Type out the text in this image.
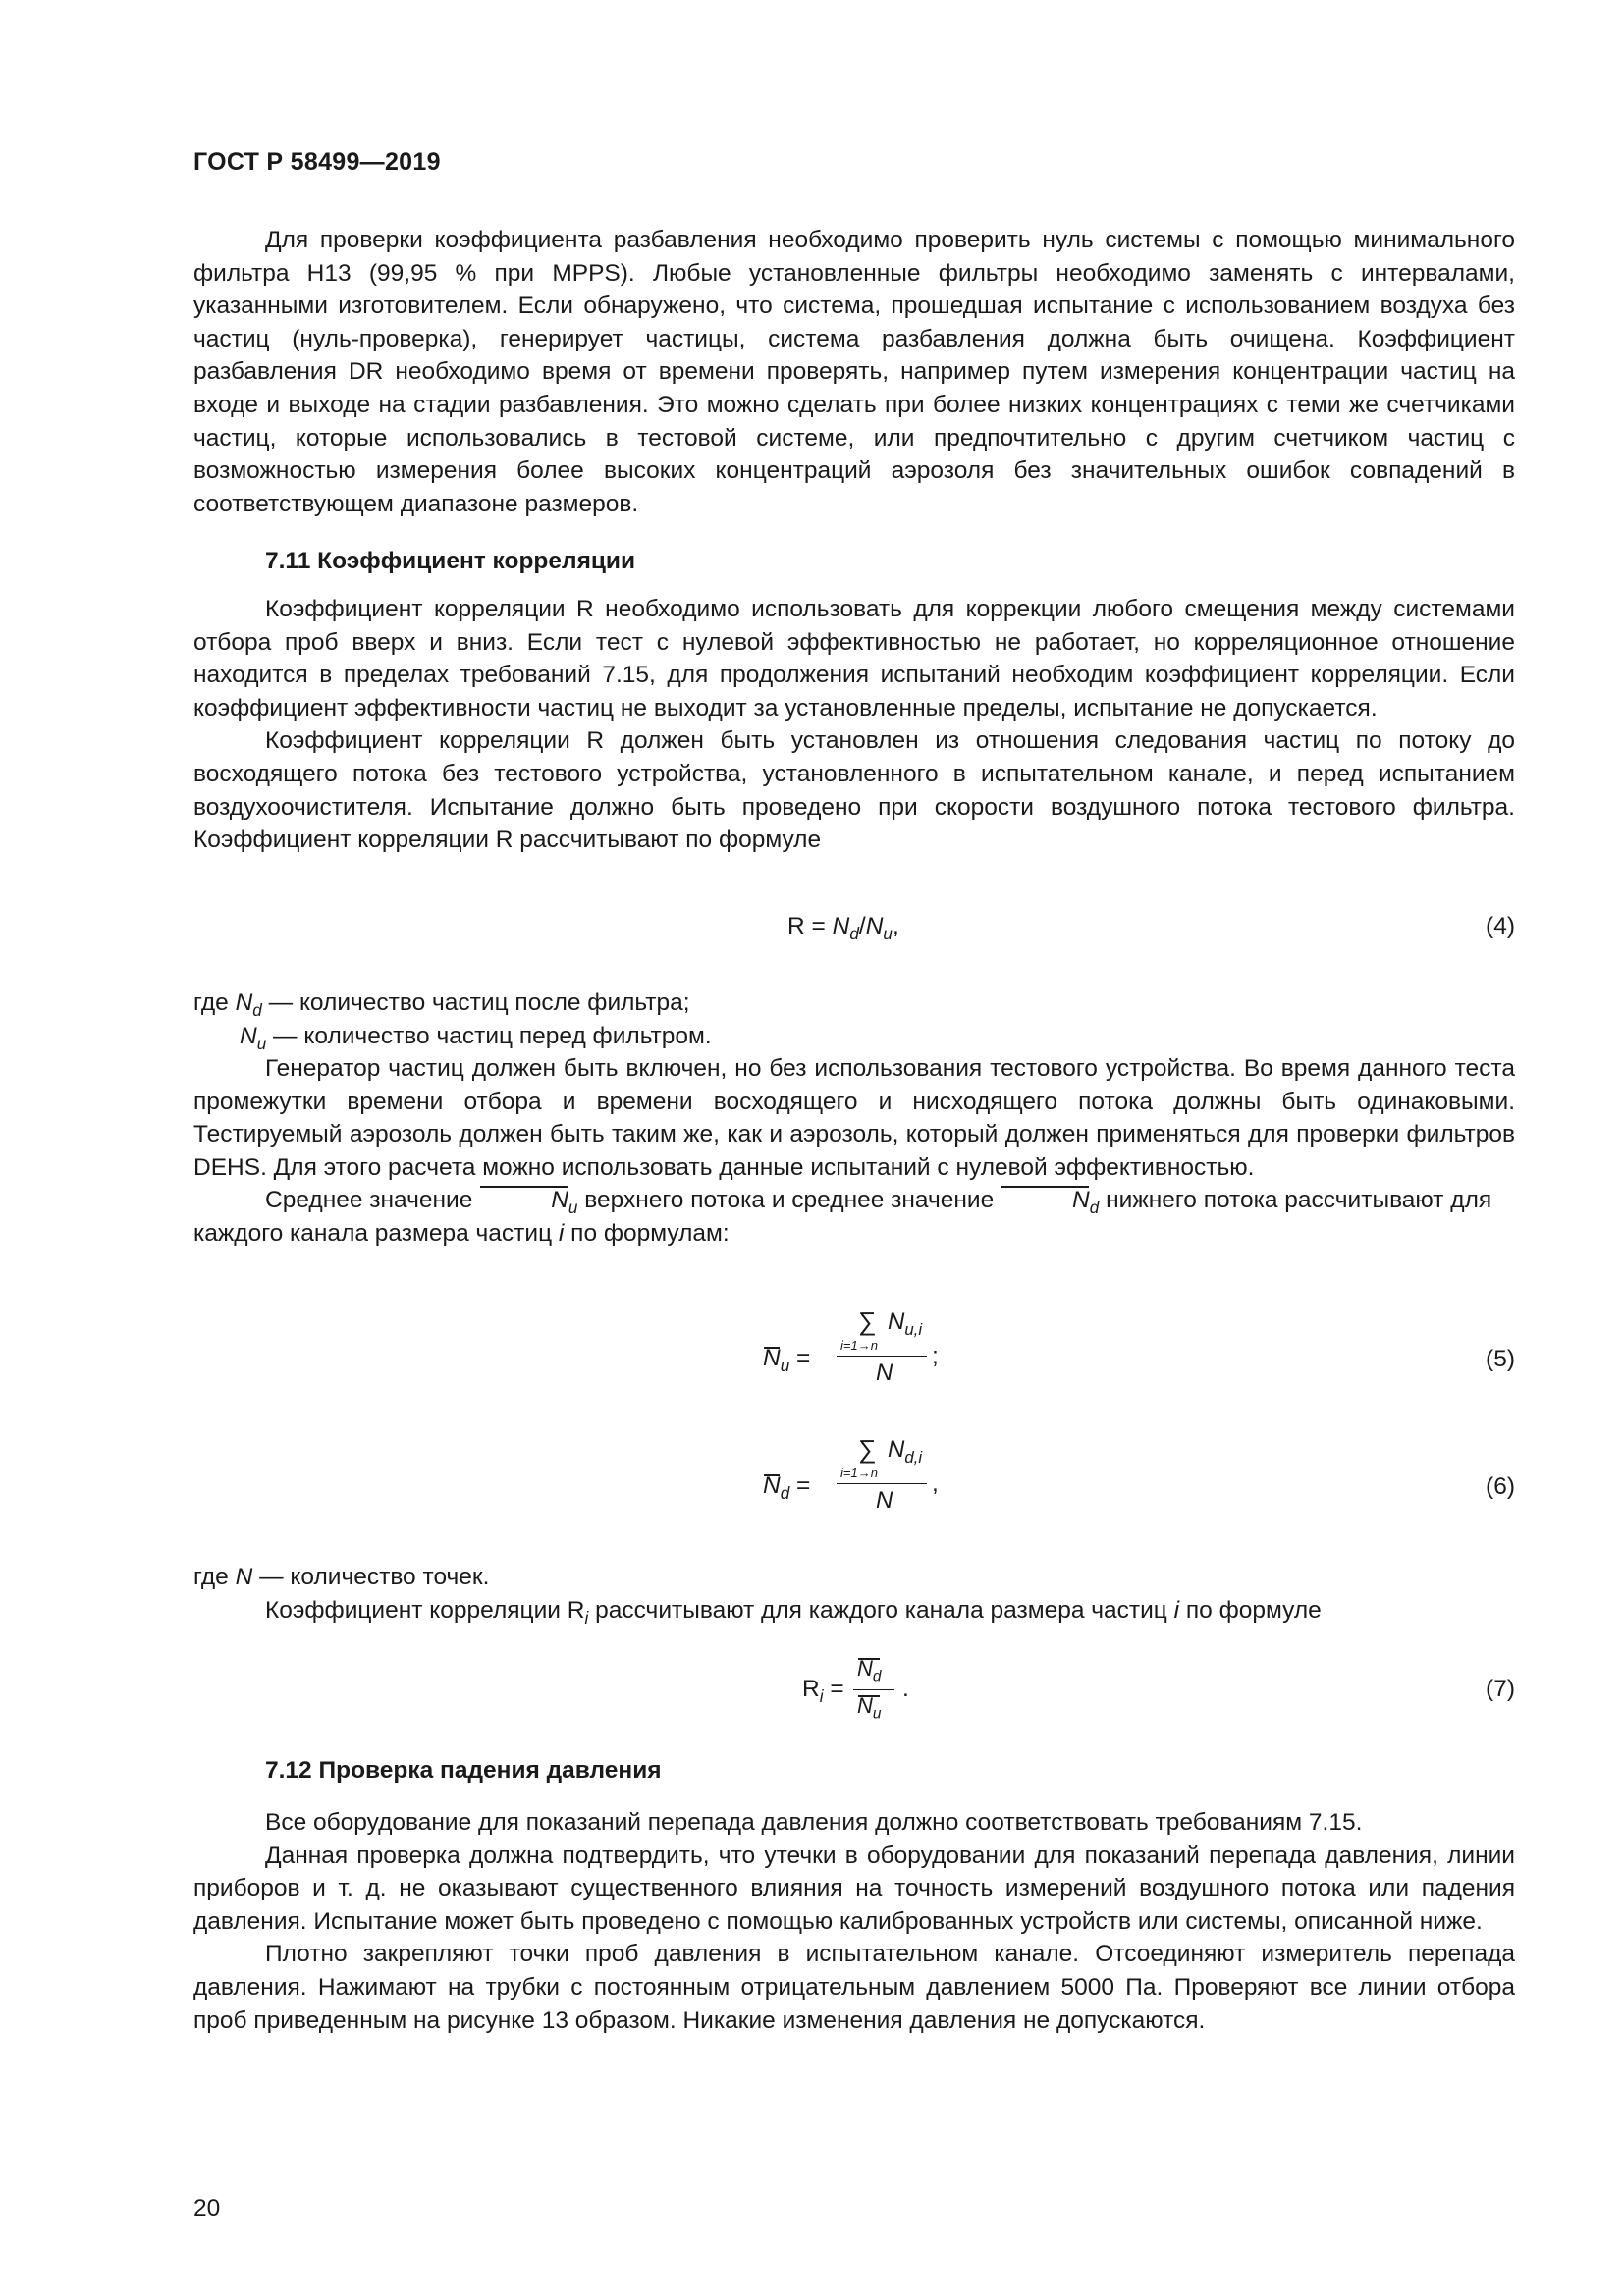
ГОСТ Р 58499—2019

Для проверки коэффициента разбавления необходимо проверить нуль системы с помощью минимального фильтра Н13 (99,95 % при MPPS). Любые установленные фильтры необходимо заменять с интервалами, указанными изготовителем. Если обнаружено, что система, прошедшая испытание с использованием воздуха без частиц (нуль-проверка), генерирует частицы, система разбавления должна быть очищена. Коэффициент разбавления DR необходимо время от времени проверять, например путем измерения концентрации частиц на входе и выходе на стадии разбавления. Это можно сделать при более низких концентрациях с теми же счетчиками частиц, которые использовались в тестовой системе, или предпочтительно с другим счетчиком частиц с возможностью измерения более высоких концентраций аэрозоля без значительных ошибок совпадений в соответствующем диапазоне размеров.

7.11 Коэффициент корреляции

Коэффициент корреляции R необходимо использовать для коррекции любого смещения между системами отбора проб вверх и вниз. Если тест с нулевой эффективностью не работает, но корреляционное отношение находится в пределах требований 7.15, для продолжения испытаний необходим коэффициент корреляции. Если коэффициент эффективности частиц не выходит за установленные пределы, испытание не допускается.

Коэффициент корреляции R должен быть установлен из отношения следования частиц по потоку до восходящего потока без тестового устройства, установленного в испытательном канале, и перед испытанием воздухоочистителя. Испытание должно быть проведено при скорости воздушного потока тестового фильтра. Коэффициент корреляции R рассчитывают по формуле

$R = N_d/N_u$,	(4)
где $N_d$ — количество частиц после фильтра;
$N_u$ — количество частиц перед фильтром.

Генератор частиц должен быть включен, но без использования тестового устройства. Во время данного теста промежутки времени отбора и времени восходящего и нисходящего потока должны быть одинаковыми. Тестируемый аэрозоль должен быть таким же, как и аэрозоль, который должен применяться для проверки фильтров DEHS. Для этого расчета можно использовать данные испытаний с нулевой эффективностью.

Среднее значение	$N_u$ верхнего потока и среднее значение	$N_d$ нижнего потока рассчитывают для

каждого канала размера частиц i по формулам:

$N_u$ =
∑ $N_{u,i}$
i=1→n
N
;	(5)
$N_d$ =
∑ $N_{d,i}$
i=1→n
N
,	(6)
где N — количество точек.
Коэффициент корреляции $R_i$ рассчитывают для каждого канала размера частиц i по формуле
$R_i$ =
$N_d$
$N_u$
.	(7)
7.12 Проверка падения давления

Все оборудование для показаний перепада давления должно соответствовать требованиям 7.15.

Данная проверка должна подтвердить, что утечки в оборудовании для показаний перепада давления, линии приборов и т. д. не оказывают существенного влияния на точность измерений воздушного потока или падения давления. Испытание может быть проведено с помощью калиброванных устройств или системы, описанной ниже.

Плотно закрепляют точки проб давления в испытательном канале. Отсоединяют измеритель перепада давления. Нажимают на трубки с постоянным отрицательным давлением 5000 Па. Проверяют все линии отбора проб приведенным на рисунке 13 образом. Никакие изменения давления не допускаются.

20
